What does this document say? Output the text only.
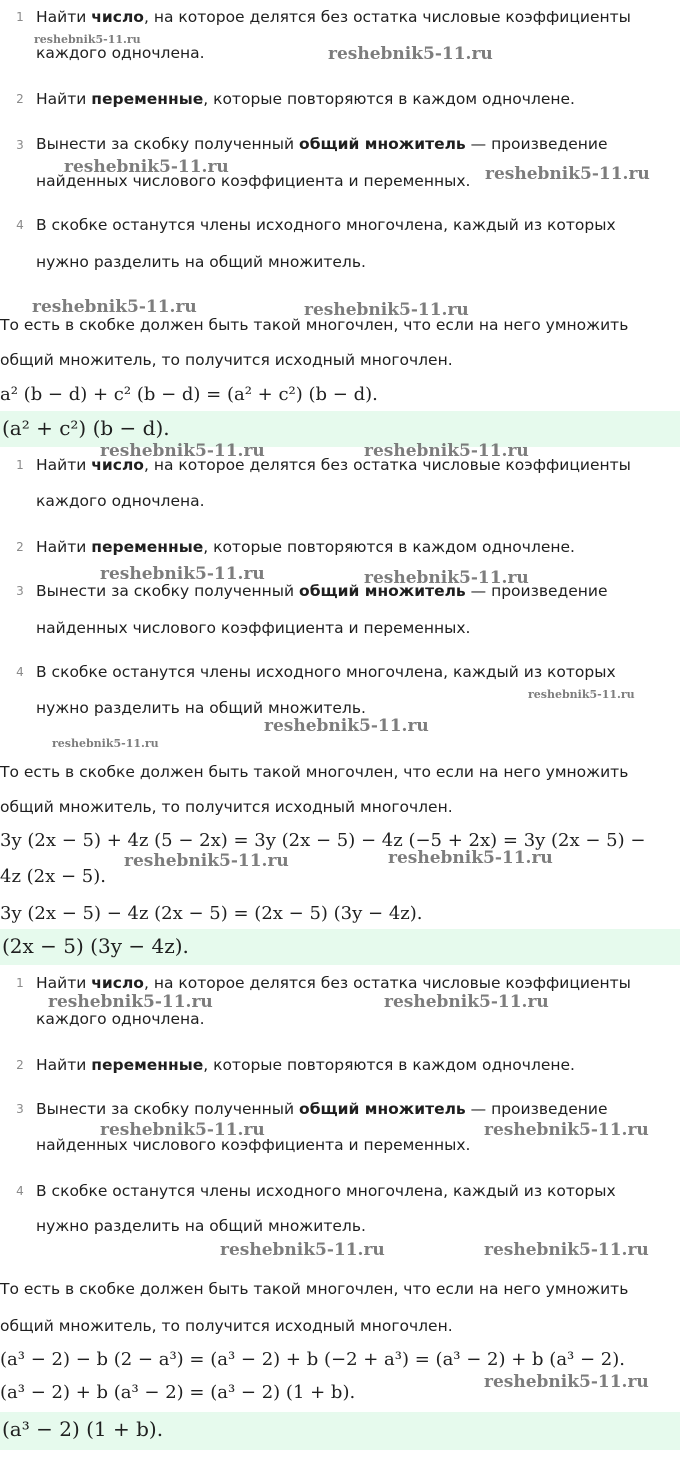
1 Найти число, на которое делятся без остатка числовые коэффициенты
каждого одночлена.
2 Найти переменные, которые повторяются в каждом одночлене.
3 Вынести за скобку полученный общий множитель — произведение
найденных числового коэффициента и переменных.
4 В скобке останутся члены исходного многочлена, каждый из которых
нужно разделить на общий множитель.
То есть в скобке должен быть такой многочлен, что если на него умножить
общий множитель, то получится исходный многочлен.
a² (b − d) + c² (b − d) = (a² + c²) (b − d).
(a² + c²) (b − d).
1 Найти число, на которое делятся без остатка числовые коэффициенты
каждого одночлена.
2 Найти переменные, которые повторяются в каждом одночлене.
3 Вынести за скобку полученный общий множитель — произведение
найденных числового коэффициента и переменных.
4 В скобке останутся члены исходного многочлена, каждый из которых
нужно разделить на общий множитель.
То есть в скобке должен быть такой многочлен, что если на него умножить
общий множитель, то получится исходный многочлен.
3y (2x − 5) + 4z (5 − 2x) = 3y (2x − 5) − 4z (−5 + 2x) = 3y (2x − 5) −
4z (2x − 5).
3y (2x − 5) − 4z (2x − 5) = (2x − 5) (3y − 4z).
(2x − 5) (3y − 4z).
1 Найти число, на которое делятся без остатка числовые коэффициенты
каждого одночлена.
2 Найти переменные, которые повторяются в каждом одночлене.
3 Вынести за скобку полученный общий множитель — произведение
найденных числового коэффициента и переменных.
4 В скобке останутся члены исходного многочлена, каждый из которых
нужно разделить на общий множитель.
То есть в скобке должен быть такой многочлен, что если на него умножить
общий множитель, то получится исходный многочлен.
(a³ − 2) − b (2 − a³) = (a³ − 2) + b (−2 + a³) = (a³ − 2) + b (a³ − 2).
(a³ − 2) + b (a³ − 2) = (a³ − 2) (1 + b).
(a³ − 2) (1 + b).
reshebnik5-11.ru
reshebnik5-11.ru
reshebnik5-11.ru	reshebnik5-11.ru
reshebnik5-11.ru	reshebnik5-11.ru
reshebnik5-11.ru	reshebnik5-11.ru
reshebnik5-11.ru	reshebnik5-11.ru
reshebnik5-11.ru
reshebnik5-11.ru
reshebnik5-11.ru
reshebnik5-11.ru	reshebnik5-11.ru
reshebnik5-11.ru	reshebnik5-11.ru
reshebnik5-11.ru	reshebnik5-11.ru
reshebnik5-11.ru	reshebnik5-11.ru
reshebnik5-11.ru
